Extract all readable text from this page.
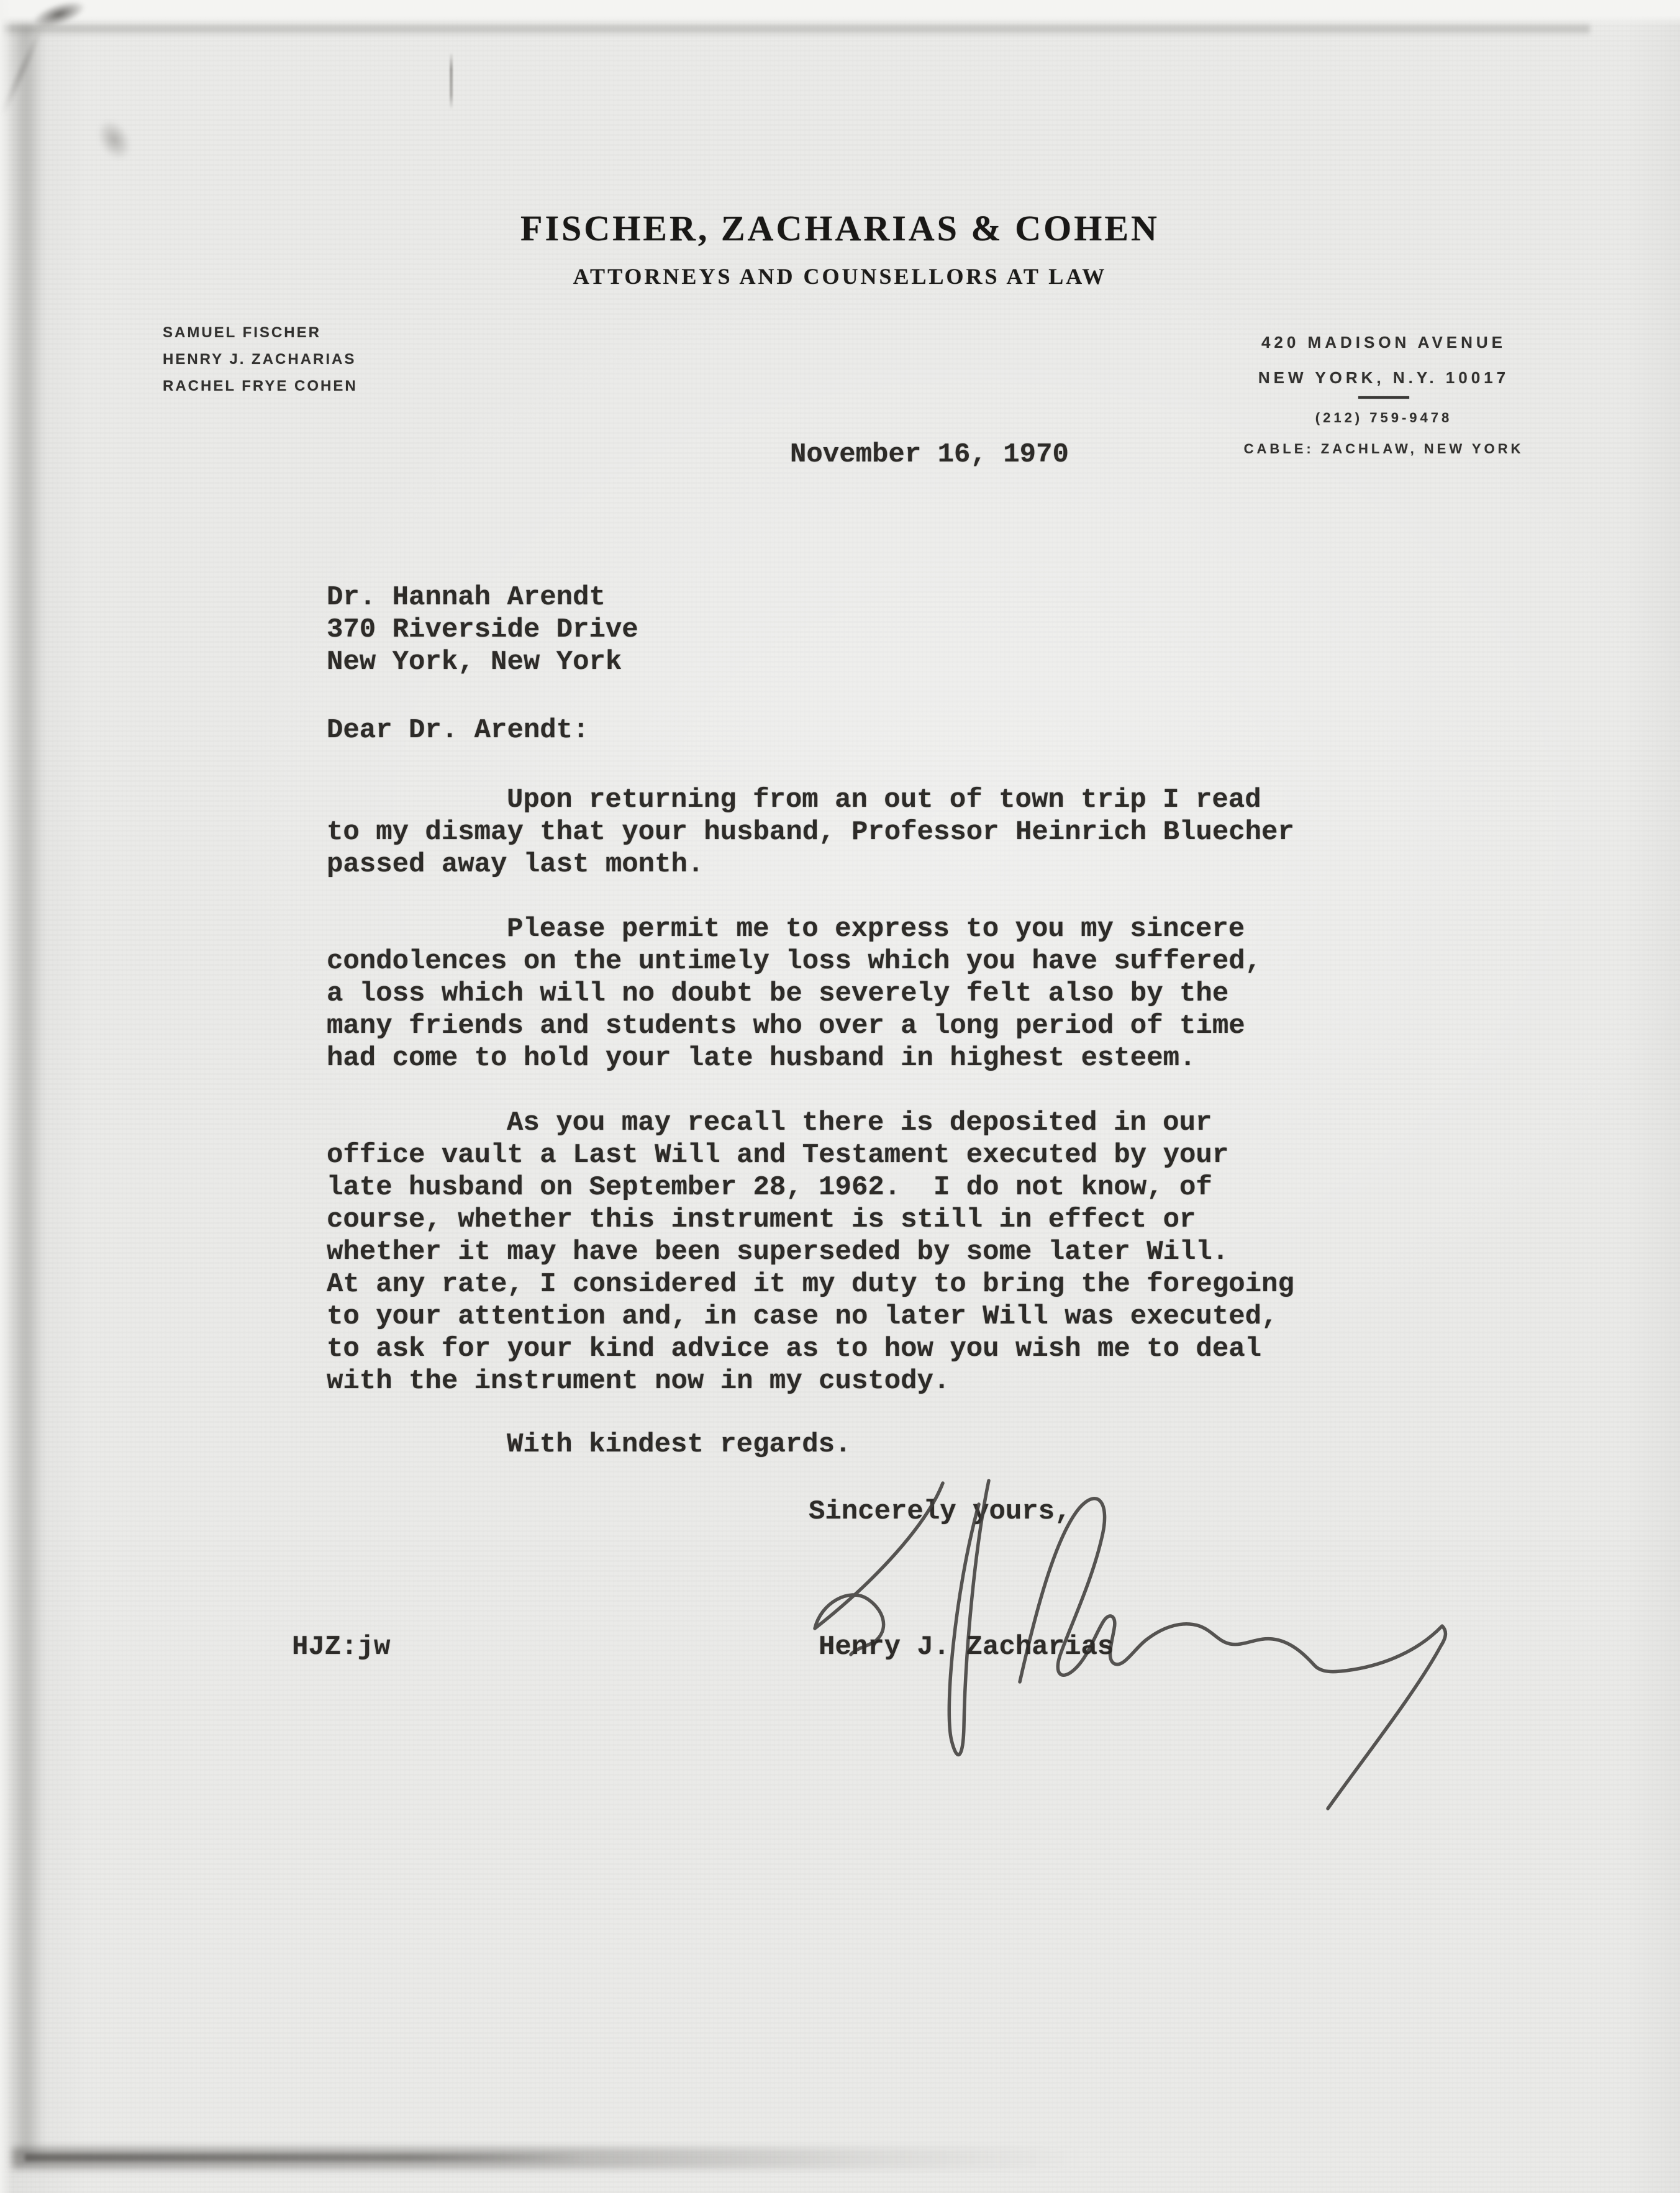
FISCHER, ZACHARIAS & COHEN
ATTORNEYS AND COUNSELLORS AT LAW
SAMUEL FISCHER
HENRY J. ZACHARIAS
RACHEL FRYE COHEN
420 MADISON AVENUE
NEW YORK, N.Y. 10017
(212) 759-9478
CABLE: ZACHLAW, NEW YORK
November 16, 1970
Dr. Hannah Arendt
370 Riverside Drive
New York, New York
Dear Dr. Arendt:
Upon returning from an out of town trip I read
to my dismay that your husband, Professor Heinrich Bluecher
passed away last month.
Please permit me to express to you my sincere
condolences on the untimely loss which you have suffered,
a loss which will no doubt be severely felt also by the
many friends and students who over a long period of time
had come to hold your late husband in highest esteem.
As you may recall there is deposited in our
office vault a Last Will and Testament executed by your
late husband on September 28, 1962.  I do not know, of
course, whether this instrument is still in effect or
whether it may have been superseded by some later Will.
At any rate, I considered it my duty to bring the foregoing
to your attention and, in case no later Will was executed,
to ask for your kind advice as to how you wish me to deal
with the instrument now in my custody.
With kindest regards.
Sincerely yours,
Henry J. Zacharias
HJZ:jw
